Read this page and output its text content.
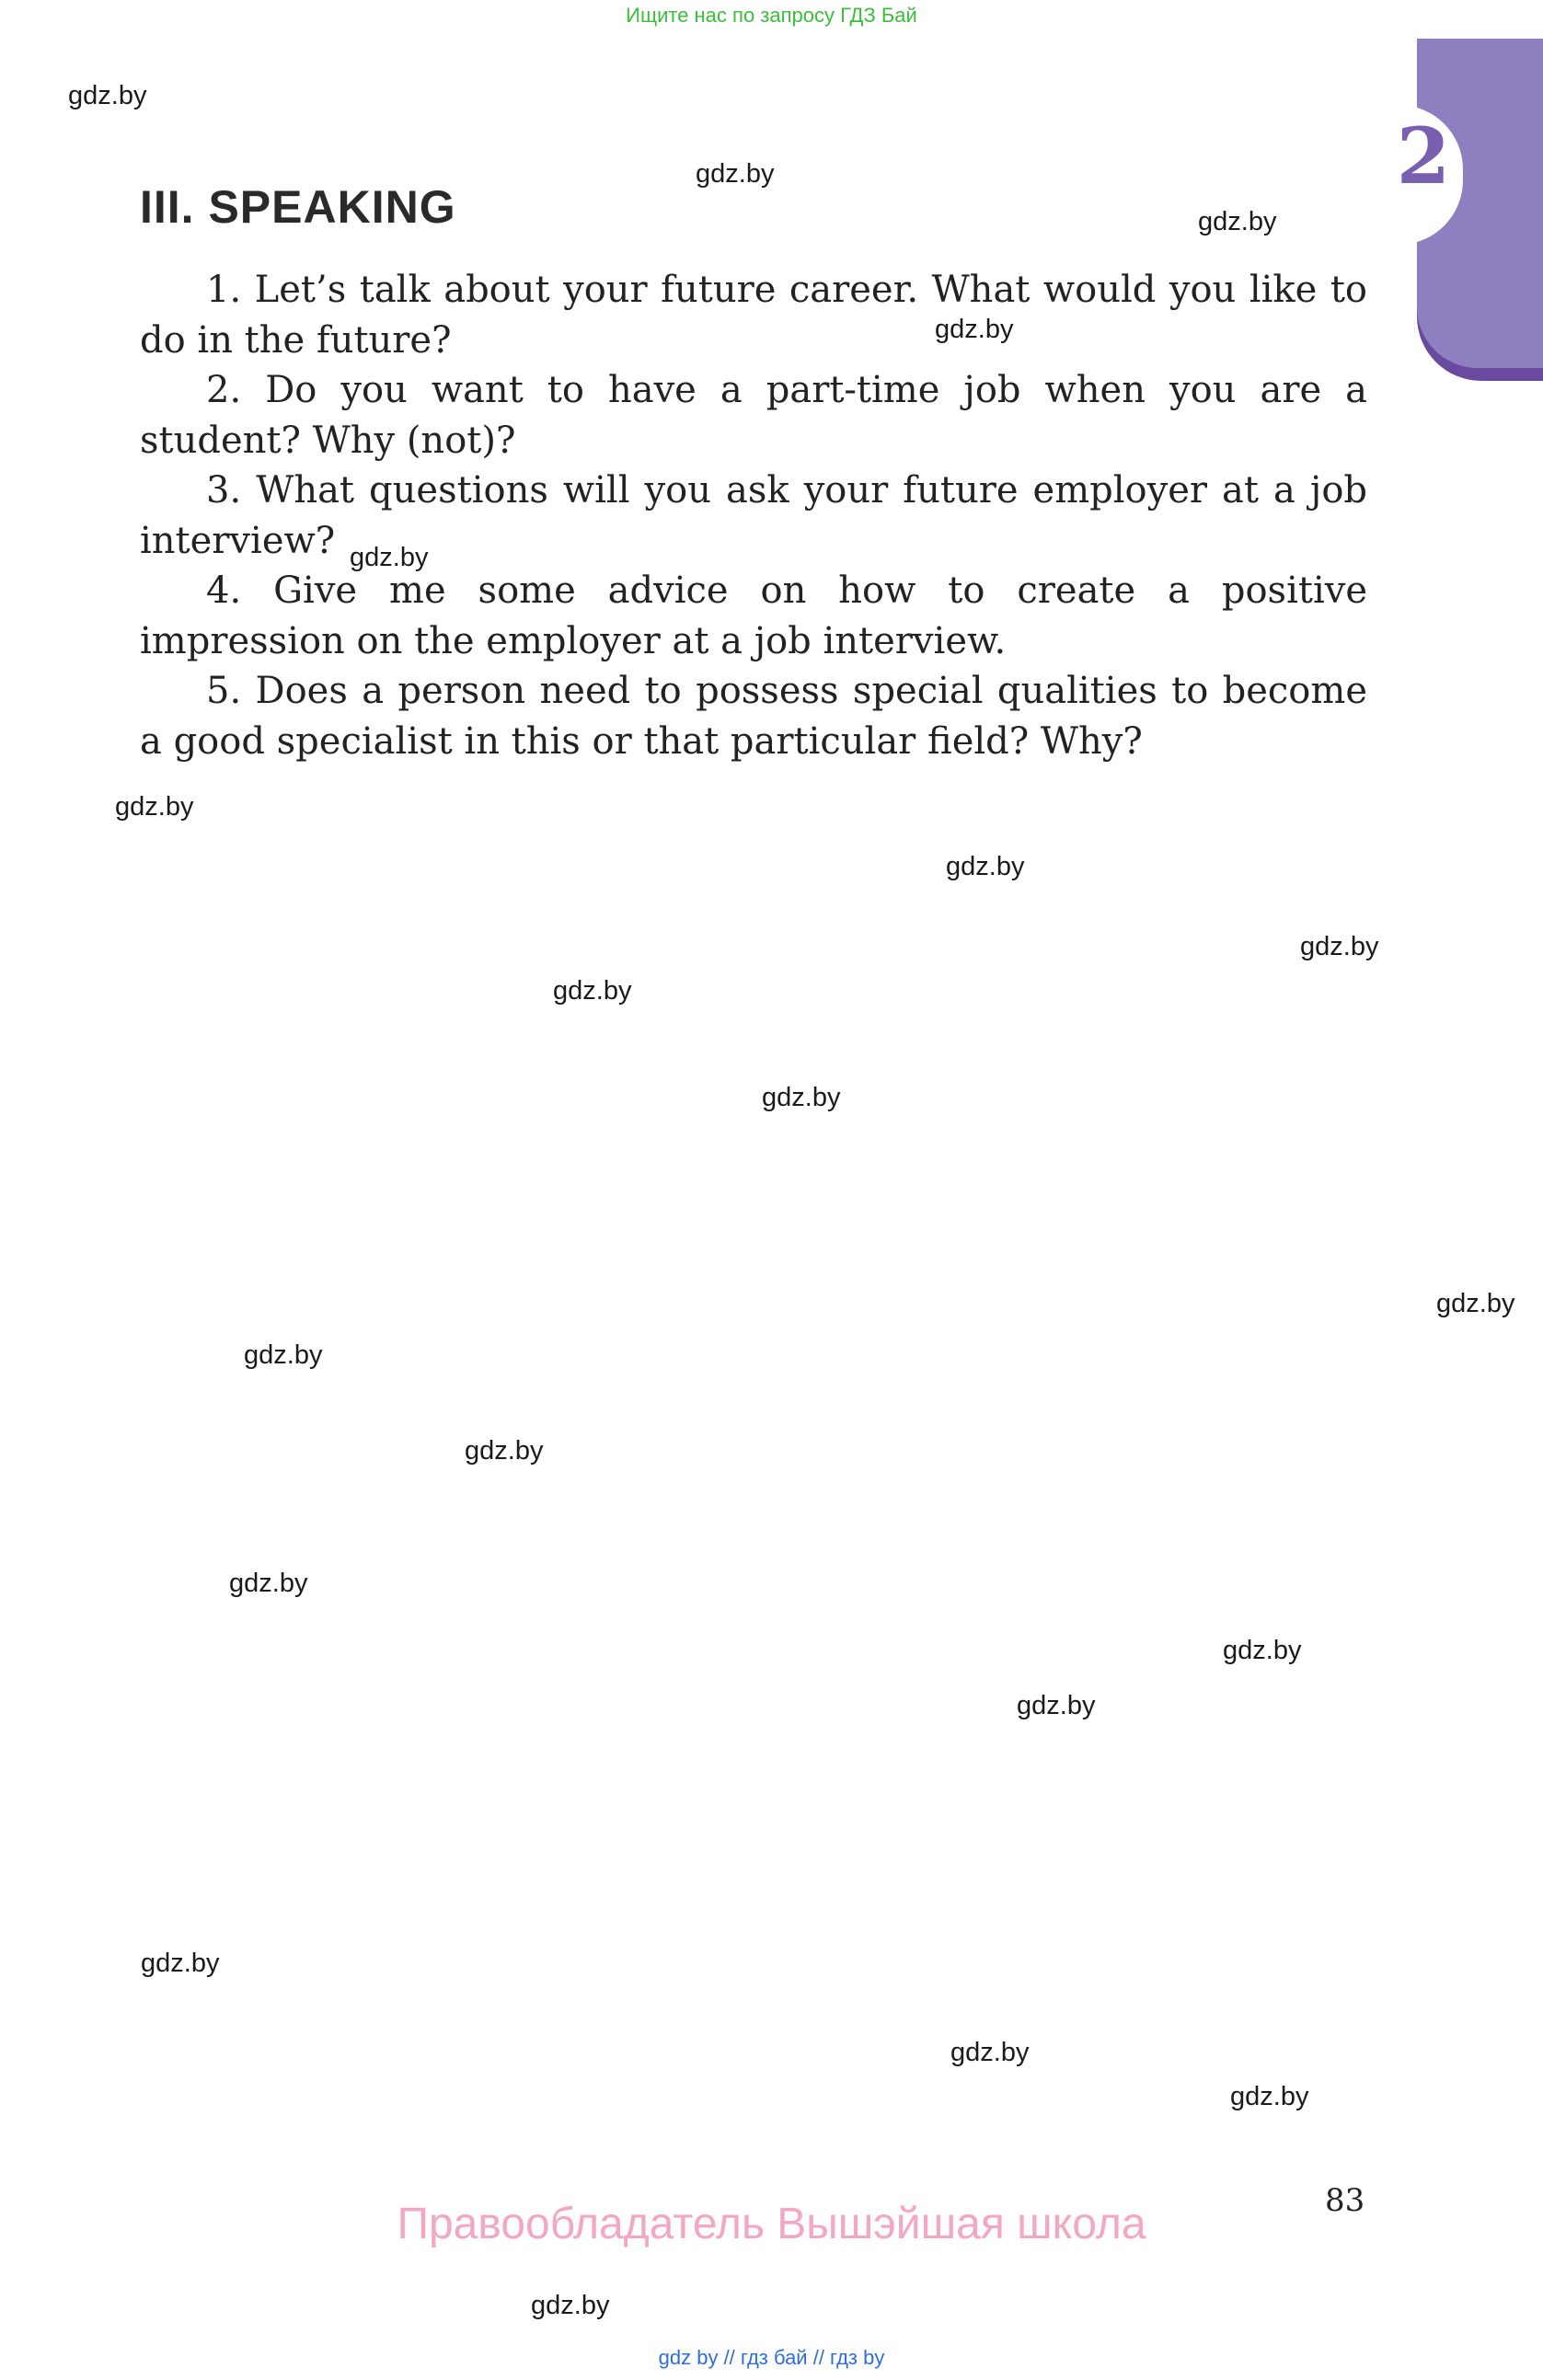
Ищите нас по запросу ГДЗ Бай
2
III. SPEAKING

1. Let’s talk about your future career. What would you like to do in the future?

2. Do you want to have a part-time job when you are a student? Why (not)?

3. What questions will you ask your future employer at a job interview?

4. Give me some advice on how to create a positive impression on the employer at a job interview.

5. Does a person need to possess special qualities to become a good specialist in this or that particular field? Why?

83
Правообладатель Вышэйшая школа
gdz by // гдз бай // гдз by
gdz.by
gdz.by
gdz.by
gdz.by
gdz.by
gdz.by
gdz.by
gdz.by
gdz.by
gdz.by
gdz.by
gdz.by
gdz.by
gdz.by
gdz.by
gdz.by
gdz.by
gdz.by
gdz.by
gdz.by
